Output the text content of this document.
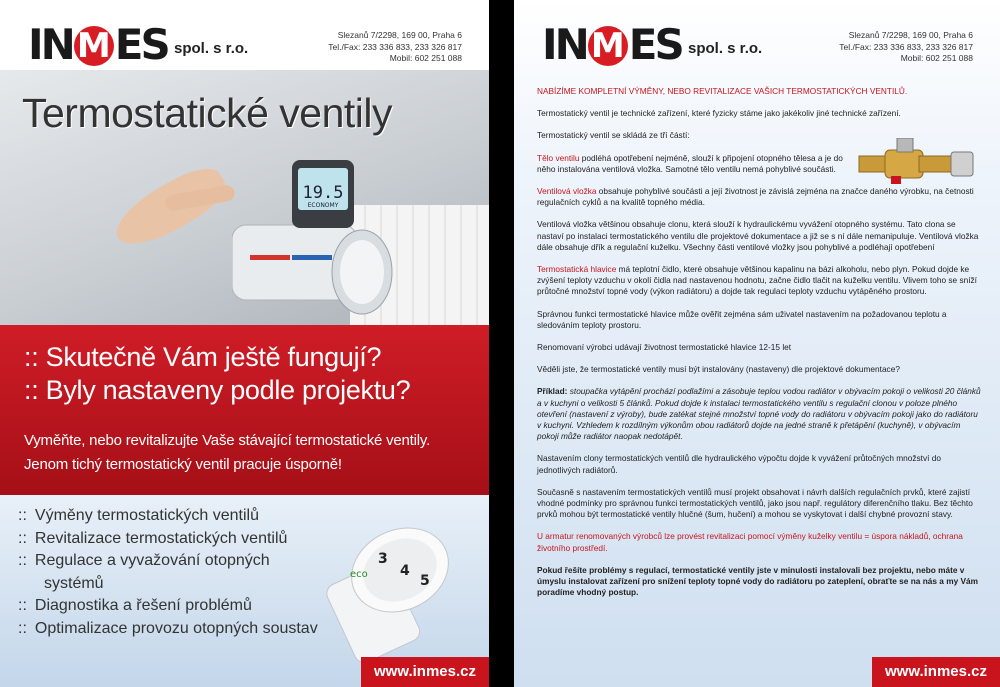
IN MES spol. s r.o.
Slezanů 7/2298, 169 00, Praha 6
Tel./Fax: 233 336 833, 233 326 817
Mobil: 602 251 088
19.5
ECONOMY
Termostatické ventily
:: Skutečně Vám ještě fungují?
:: Byly nastaveny podle projektu?
Vyměňte, nebo revitalizujte Vaše stávající termostatické ventily.
Jenom tichý termostatický ventil pracuje úsporně!
:: Výměny termostatických ventilů
:: Revitalizace termostatických ventilů
:: Regulace a vyvažování otopných
systémů
:: Diagnostika a řešení problémů
:: Optimalizace provozu otopných soustav
3
4
5
eco
www.inmes.cz
IN MES spol. s r.o.
Slezanů 7/2298, 169 00, Praha 6
Tel./Fax: 233 336 833, 233 326 817
Mobil: 602 251 088

NABÍZÍME KOMPLETNÍ VÝMĚNY, NEBO REVITALIZACE VAŠICH TERMOSTATICKÝCH VENTILŮ.

Termostatický ventil je technické zařízení, které fyzicky stáme jako jakékoliv jiné technické zařízení.

Termostatický ventil se skládá ze tří částí:

Tělo ventilu podléhá opotřebení nejméně, slouží k připojení otopného tělesa a je do něho instalována ventilová vložka. Samotné tělo ventilu nemá pohyblivé součásti.

Ventilová vložka obsahuje pohyblivé součásti a její životnost je závislá zejména na značce daného výrobku, na četnosti regulačních cyklů a na kvalitě topného média.

Ventilová vložka většinou obsahuje clonu, která slouží k hydraulickému vyvážení otopného systému. Tato clona se nastaví po instalaci termostatického ventilu dle projektové dokumentace a již se s ní dále nemanipuluje. Ventilová vložka dále obsahuje dřík a regulační kuželku. Všechny části ventilové vložky jsou pohyblivé a podléhají opotřebení

Termostatická hlavice má teplotní čidlo, které obsahuje většinou kapalinu na bázi alkoholu, nebo plyn. Pokud dojde ke zvýšení teploty vzduchu v okolí čidla nad nastavenou hodnotu, začne čidlo tlačit na kuželku ventilu. Vlivem toho se sníží průtočné množství topné vody (výkon radiátoru) a dojde tak regulaci teploty vzduchu vytápěného prostoru.

Správnou funkci termostatické hlavice může ověřit zejména sám uživatel nastavením na požadovanou teplotu a sledováním teploty prostoru.

Renomovaní výrobci udávají životnost termostatické hlavice 12-15 let

Věděli jste, že termostatické ventily musí být instalovány (nastaveny) dle projektové dokumentace?

Příklad: stoupačka vytápění prochází podlažími a zásobuje teplou vodou radiátor v obývacím pokoji o velikosti 20 článků a v kuchyni o velikosti 5 článků. Pokud dojde k instalaci termostatického ventilu s regulační clonou v poloze plného otevření (nastavení z výroby), bude zatékat stejné množství topné vody do radiátoru v obývacím pokoji jako do radiátoru v kuchyni. Vzhledem k rozdílným výkonům obou radiátorů dojde na jedné straně k přetápění (kuchyně), v obývacím pokoji může radiátor naopak nedotápět.

Nastavením clony termostatických ventilů dle hydraulického výpočtu dojde k vyvážení průtočných množství do jednotlivých radiátorů.

Současně s nastavením termostatických ventilů musí projekt obsahovat i návrh dalších regulačních prvků, které zajistí vhodné podmínky pro správnou funkci termostatických ventilů, jako jsou např. regulátory diferenčního tlaku. Bez těchto prvků mohou být termostatické ventily hlučné (šum, hučení) a mohou se vyskytovat i další chybné provozní stavy.

U armatur renomovaných výrobců lze provést revitalizaci pomocí výměny kuželky ventilu = úspora nákladů, ochrana životního prostředí.

Pokud řešíte problémy s regulací, termostatické ventily jste v minulosti instalovali bez projektu, nebo máte v úmyslu instalovat zařízení pro snížení teploty topné vody do radiátoru po zateplení, obraťte se na nás a my Vám poradíme vhodný postup.

www.inmes.cz
